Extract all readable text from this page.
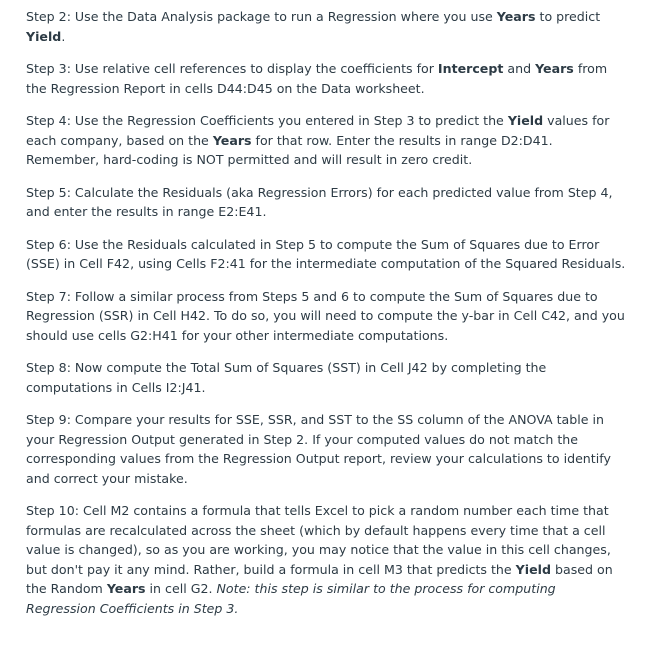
Step 2: Use the Data Analysis package to run a Regression where you use Years to predict Yield.

Step 3: Use relative cell references to display the coefficients for Intercept and Years from the Regression Report in cells D44:D45 on the Data worksheet.

Step 4: Use the Regression Coefficients you entered in Step 3 to predict the Yield values for each company, based on the Years for that row. Enter the results in range D2:D41. Remember, hard-coding is NOT permitted and will result in zero credit.

Step 5: Calculate the Residuals (aka Regression Errors) for each predicted value from Step 4, and enter the results in range E2:E41.

Step 6: Use the Residuals calculated in Step 5 to compute the Sum of Squares due to Error (SSE) in Cell F42, using Cells F2:41 for the intermediate computation of the Squared Residuals.

Step 7: Follow a similar process from Steps 5 and 6 to compute the Sum of Squares due to Regression (SSR) in Cell H42. To do so, you will need to compute the y-bar in Cell C42, and you should use cells G2:H41 for your other intermediate computations.

Step 8: Now compute the Total Sum of Squares (SST) in Cell J42 by completing the computations in Cells I2:J41.

Step 9: Compare your results for SSE, SSR, and SST to the SS column of the ANOVA table in your Regression Output generated in Step 2. If your computed values do not match the corresponding values from the Regression Output report, review your calculations to identify and correct your mistake.

Step 10: Cell M2 contains a formula that tells Excel to pick a random number each time that formulas are recalculated across the sheet (which by default happens every time that a cell value is changed), so as you are working, you may notice that the value in this cell changes, but don't pay it any mind. Rather, build a formula in cell M3 that predicts the Yield based on the Random Years in cell G2. Note: this step is similar to the process for computing Regression Coefficients in Step 3.
